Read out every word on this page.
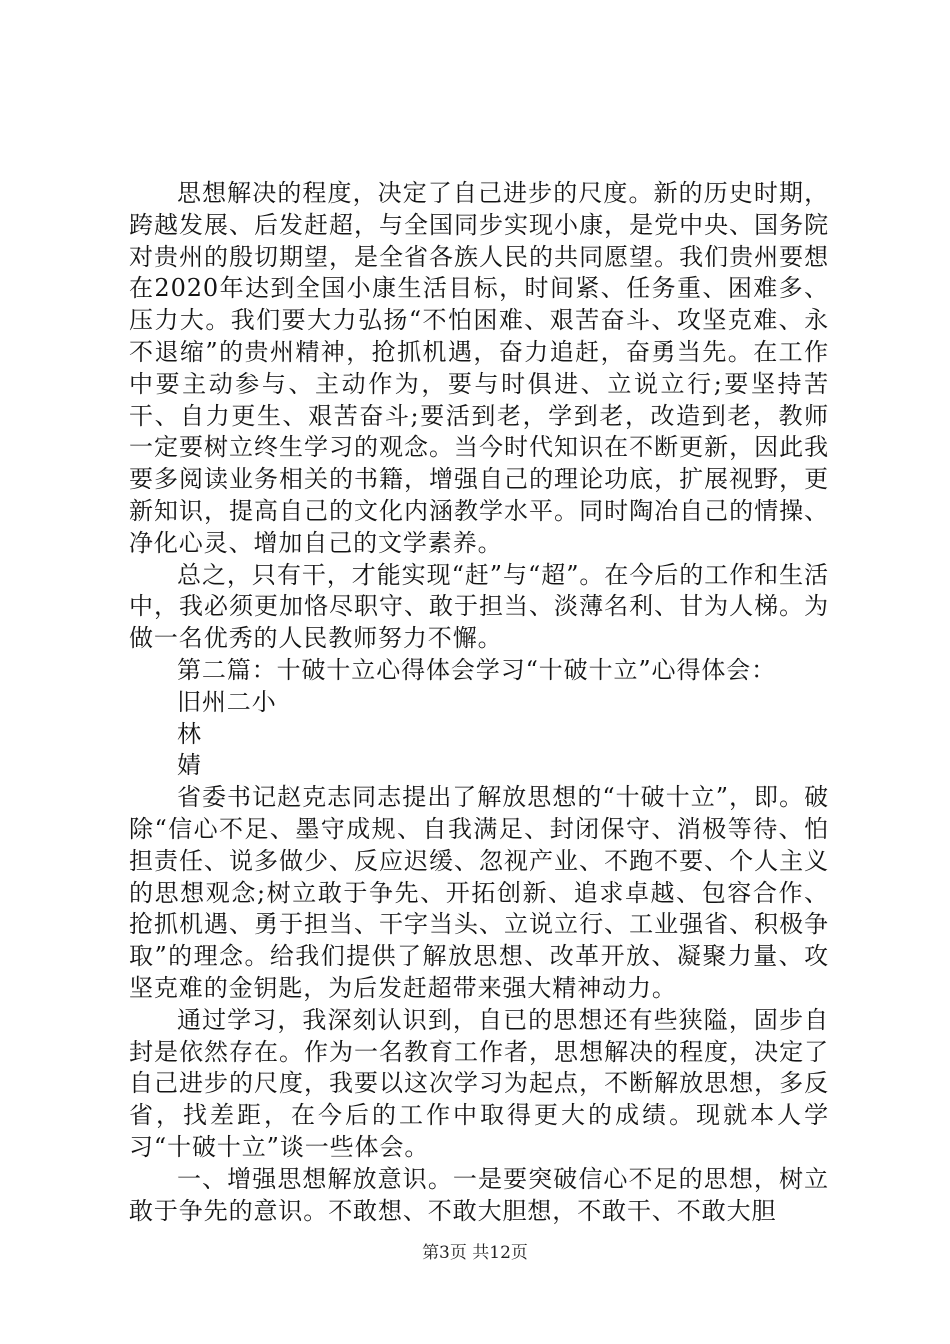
思想解决的程度，决定了自己进步的尺度。新的历史时期，跨越发展、后发赶超，与全国同步实现小康，是党中央、国务院对贵州的殷切期望，是全省各族人民的共同愿望。我们贵州要想在2020年达到全国小康生活目标，时间紧、任务重、困难多、压力大。我们要大力弘扬“不怕困难、艰苦奋斗、攻坚克难、永不退缩”的贵州精神，抢抓机遇，奋力追赶，奋勇当先。在工作中要主动参与、主动作为，要与时俱进、立说立行;要坚持苦干、自力更生、艰苦奋斗;要活到老，学到老，改造到老，教师一定要树立终生学习的观念。当今时代知识在不断更新，因此我要多阅读业务相关的书籍，增强自己的理论功底，扩展视野，更新知识，提高自己的文化内涵教学水平。同时陶冶自己的情操、净化心灵、增加自己的文学素养。

总之，只有干，才能实现“赶”与“超”。在今后的工作和生活中，我必须更加恪尽职守、敢于担当、淡薄名利、甘为人梯。为做一名优秀的人民教师努力不懈。

第二篇：十破十立心得体会学习“十破十立”心得体会：

旧州二小

林

婧

省委书记赵克志同志提出了解放思想的“十破十立”，即。破除“信心不足、墨守成规、自我满足、封闭保守、消极等待、怕担责任、说多做少、反应迟缓、忽视产业、不跑不要、个人主义的思想观念;树立敢于争先、开拓创新、追求卓越、包容合作、抢抓机遇、勇于担当、干字当头、立说立行、工业强省、积极争取”的理念。给我们提供了解放思想、改革开放、凝聚力量、攻坚克难的金钥匙，为后发赶超带来强大精神动力。

通过学习，我深刻认识到，自已的思想还有些狭隘，固步自封是依然存在。作为一名教育工作者，思想解决的程度，决定了自己进步的尺度，我要以这次学习为起点，不断解放思想，多反省，找差距，在今后的工作中取得更大的成绩。现就本人学习“十破十立”谈一些体会。

一、增强思想解放意识。一是要突破信心不足的思想，树立敢于争先的意识。不敢想、不敢大胆想，不敢干、不敢大胆

第3页 共12页
